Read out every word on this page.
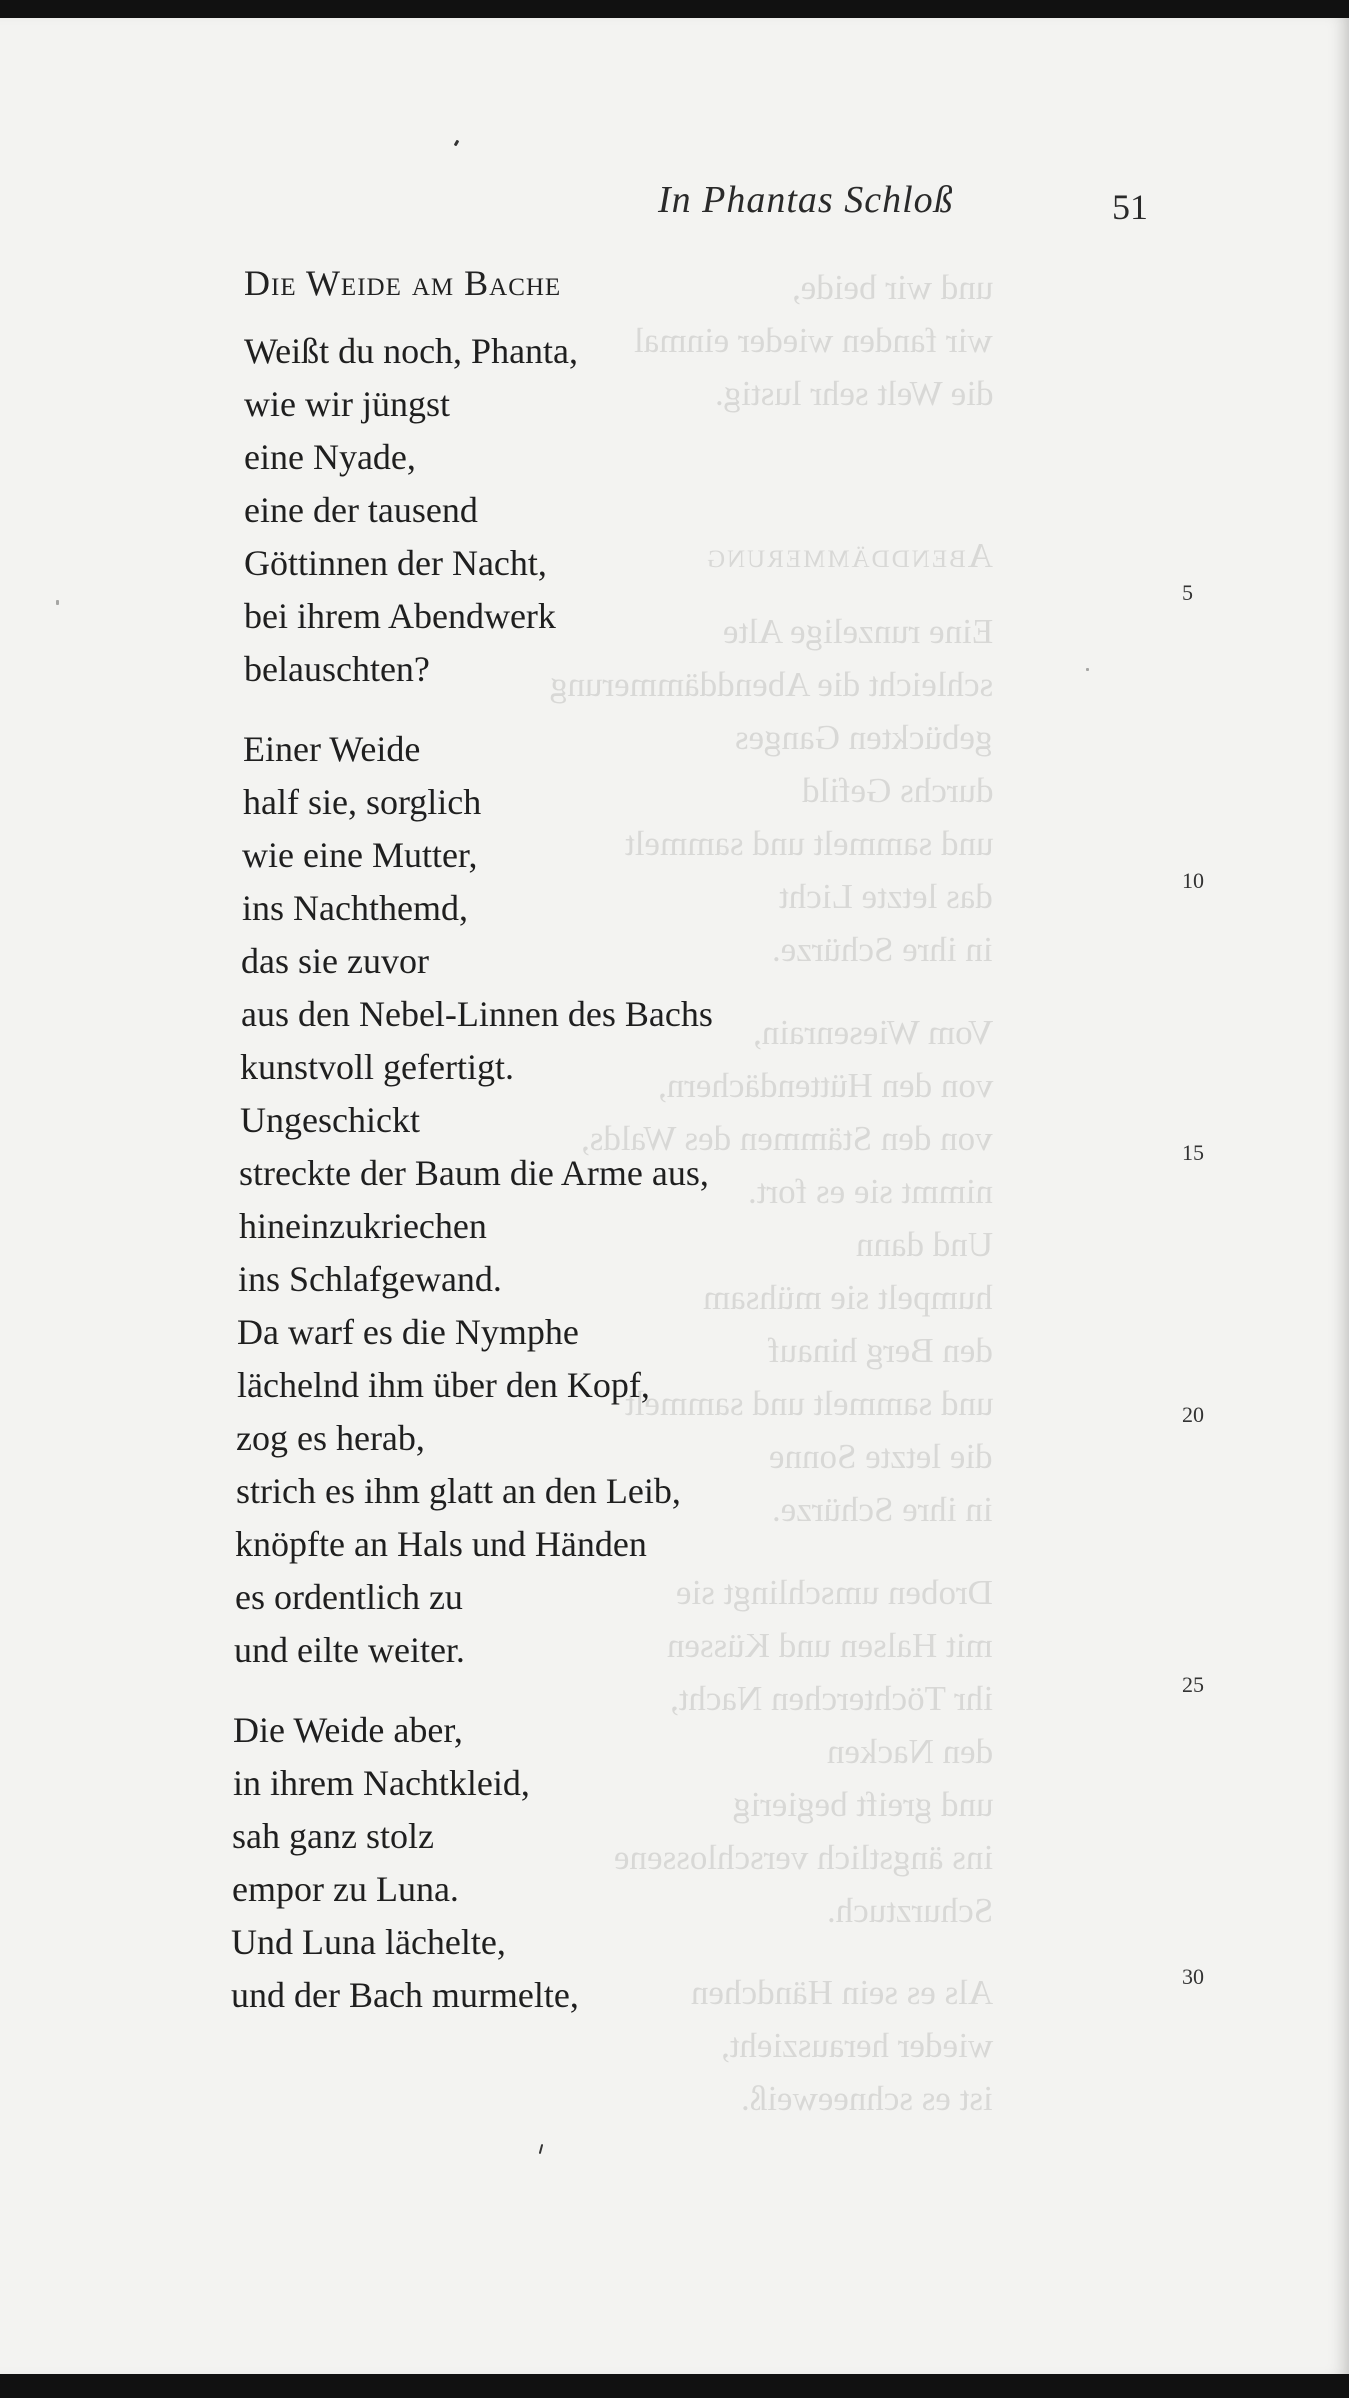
und wir beide,
wir fanden wieder einmal
die Welt sehr lustig.
Abenddämmerung
Eine runzelige Alte
schleicht die Abenddämmerung
gebückten Ganges
durchs Gefild
und sammelt und sammelt
das letzte Licht
in ihre Schürze.
Vom Wiesenrain,
von den Hüttendächern,
von den Stämmen des Walds,
nimmt sie es fort.
Und dann
humpelt sie mühsam
den Berg hinauf
und sammelt und sammelt
die letzte Sonne
in ihre Schürze.
Droben umschlingt sie
mit Halsen und Küssen
ihr Töchterchen Nacht,
den Nacken
und greift begierig
ins ängstlich verschlossene
Schurztuch.
Als es sein Händchen
wieder herauszieht,
ist es schneeweiß.
In Phantas Schloß	51
Die Weide am Bache
Weißt du noch, Phanta,
wie wir jüngst
eine Nyade,
eine der tausend
Göttinnen der Nacht,
bei ihrem Abendwerk
belauschten?
Einer Weide
half sie, sorglich
wie eine Mutter,
ins Nachthemd,
das sie zuvor
aus den Nebel-Linnen des Bachs
kunstvoll gefertigt.
Ungeschickt
streckte der Baum die Arme aus,
hineinzukriechen
ins Schlafgewand.
Da warf es die Nymphe
lächelnd ihm über den Kopf,
zog es herab,
strich es ihm glatt an den Leib,
knöpfte an Hals und Händen
es ordentlich zu
und eilte weiter.
Die Weide aber,
in ihrem Nachtkleid,
sah ganz stolz
empor zu Luna.
Und Luna lächelte,
und der Bach murmelte,
5
10
15
20
25
30
